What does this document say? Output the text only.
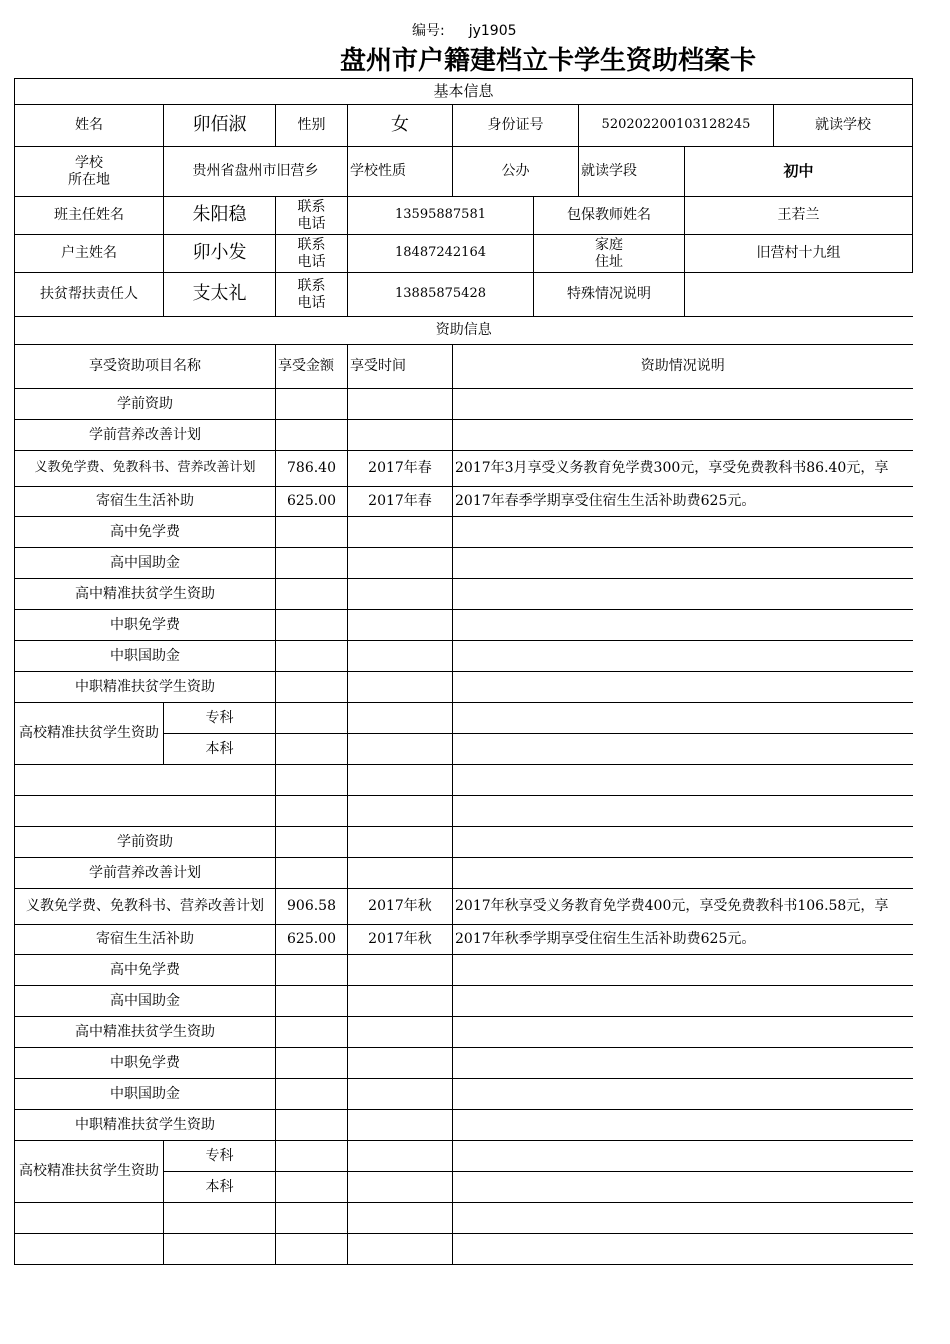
编号: jy1905
盘州市户籍建档立卡学生资助档案卡
基本信息								
姓名	卯佰淑	性别	女	身份证号		520202200103128245		就读学校
学校
所在地	贵州省盘州市旧营乡		学校性质	公办		就读学段	初中	
班主任姓名	朱阳稳	联系
电话	13595887581		包保教师姓名		王若兰	
户主姓名	卯小发	联系
电话	18487242164		家庭
住址		旧营村十九组	
扶贫帮扶责任人	支太礼	联系
电话	13885875428		特殊情况说明			
资助信息								
享受资助项目名称		享受金额	享受时间	资助情况说明				
学前资助								
学前营养改善计划								
义教免学费、免教科书、营养改善计划		786.40	2017年春	2017年3月享受义务教育免学费300元，享受免费教科书86.40元，享				
寄宿生生活补助		625.00	2017年春	2017年春季学期享受住宿生生活补助费625元。				
高中免学费								
高中国助金								
高中精准扶贫学生资助								
中职免学费								
中职国助金								
中职精准扶贫学生资助								
高校精准扶贫学生资助	专科							
	本科							

学前资助								
学前营养改善计划								
义教免学费、免教科书、营养改善计划		906.58	2017年秋	2017年秋享受义务教育免学费400元，享受免费教科书106.58元，享				
寄宿生生活补助		625.00	2017年秋	2017年秋季学期享受住宿生生活补助费625元。				
高中免学费								
高中国助金								
高中精准扶贫学生资助								
中职免学费								
中职国助金								
中职精准扶贫学生资助								
高校精准扶贫学生资助	专科							
	本科							
